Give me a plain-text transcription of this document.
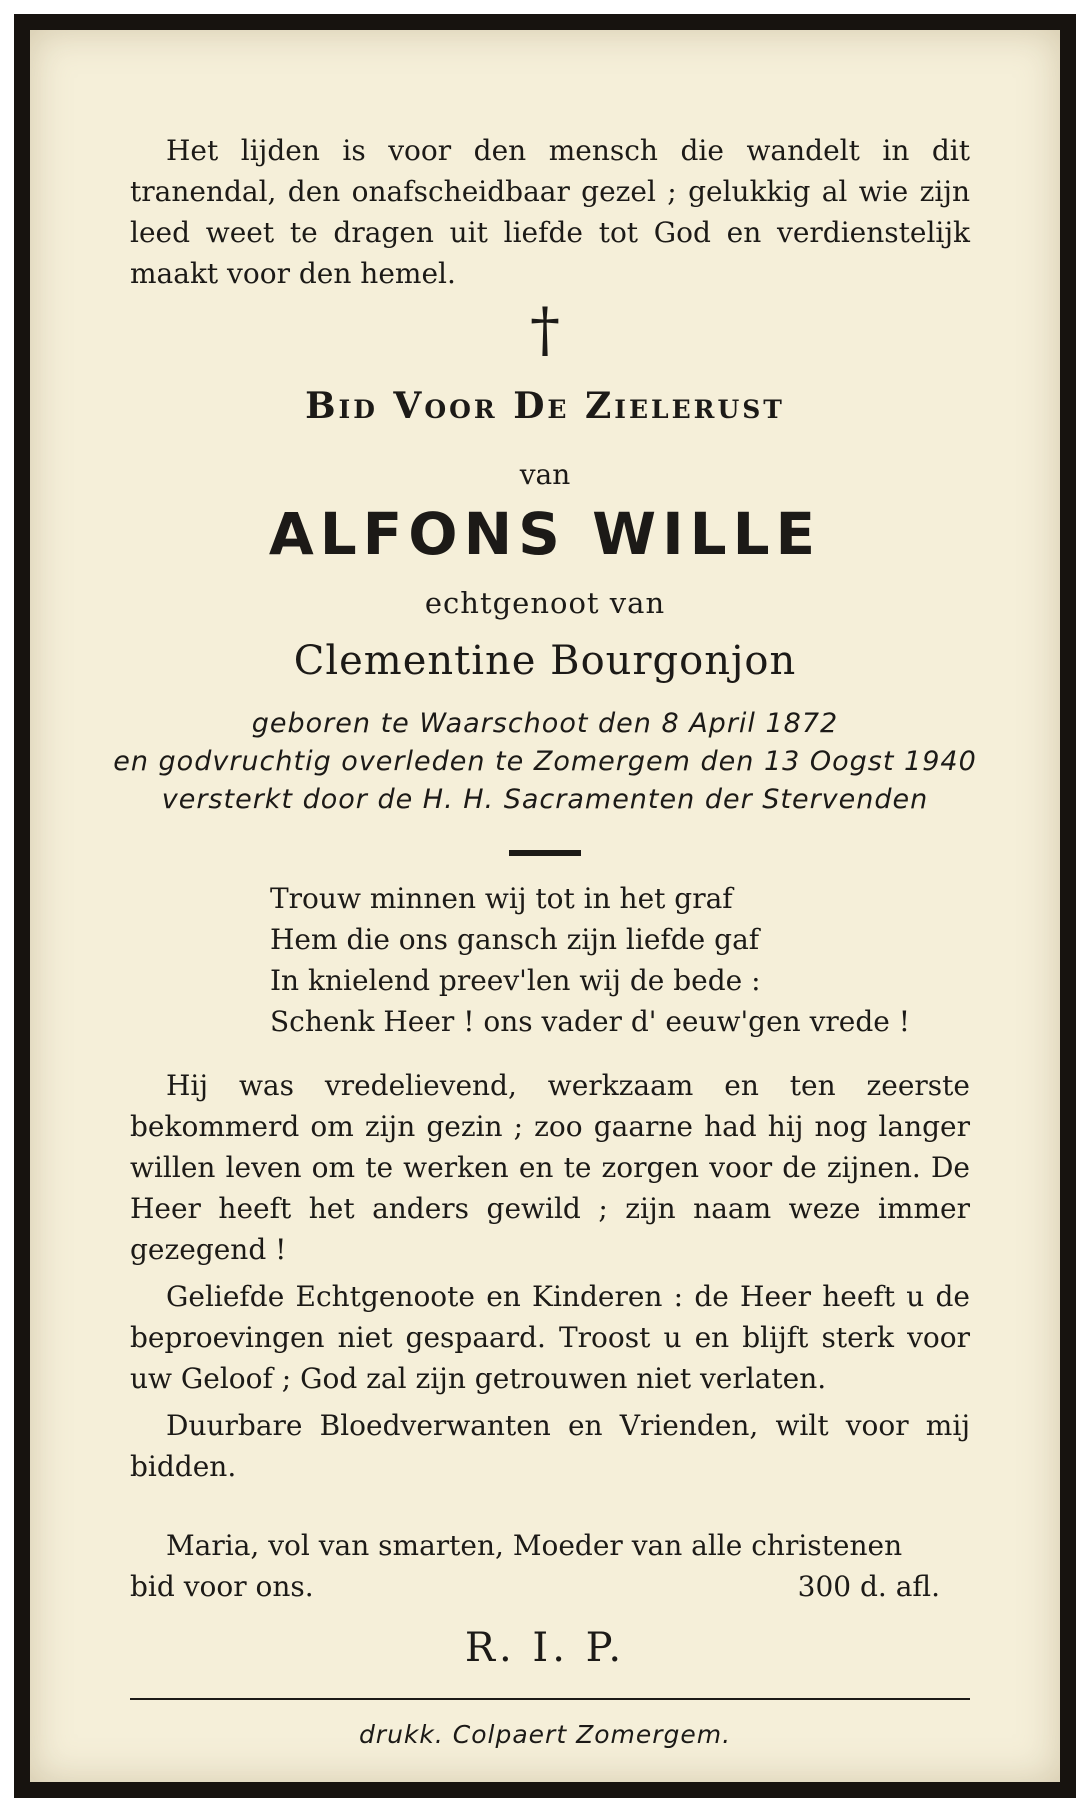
Het lijden is voor den mensch die wandelt in dit tranendal, den onafscheidbaar gezel ; gelukkig al wie zijn leed weet te dragen uit liefde tot God en verdienstelijk maakt voor den hemel.

†
Bid Voor De Zielerust
van
ALFONS WILLE
echtgenoot van
Clementine Bourgonjon
geboren te Waarschoot den 8 April 1872
en godvruchtig overleden te Zomergem den 13 Oogst 1940
versterkt door de H. H. Sacramenten der Stervenden
Trouw minnen wij tot in het graf
Hem die ons gansch zijn liefde gaf
In knielend preev'len wij de bede :
Schenk Heer ! ons vader d' eeuw'gen vrede !

Hij was vredelievend, werkzaam en ten zeerste bekommerd om zijn gezin ; zoo gaarne had hij nog langer willen leven om te werken en te zorgen voor de zijnen. De Heer heeft het anders gewild ; zijn naam weze immer gezegend !

Geliefde Echtgenoote en Kinderen : de Heer heeft u de beproevingen niet gespaard. Troost u en blijft sterk voor uw Geloof ; God zal zijn getrouwen niet verlaten.

Duurbare Bloedverwanten en Vrienden, wilt voor mij bidden.

Maria, vol van smarten, Moeder van alle christenen

bid voor ons.	300 d. afl.
R. I. P.
drukk. Colpaert Zomergem.
